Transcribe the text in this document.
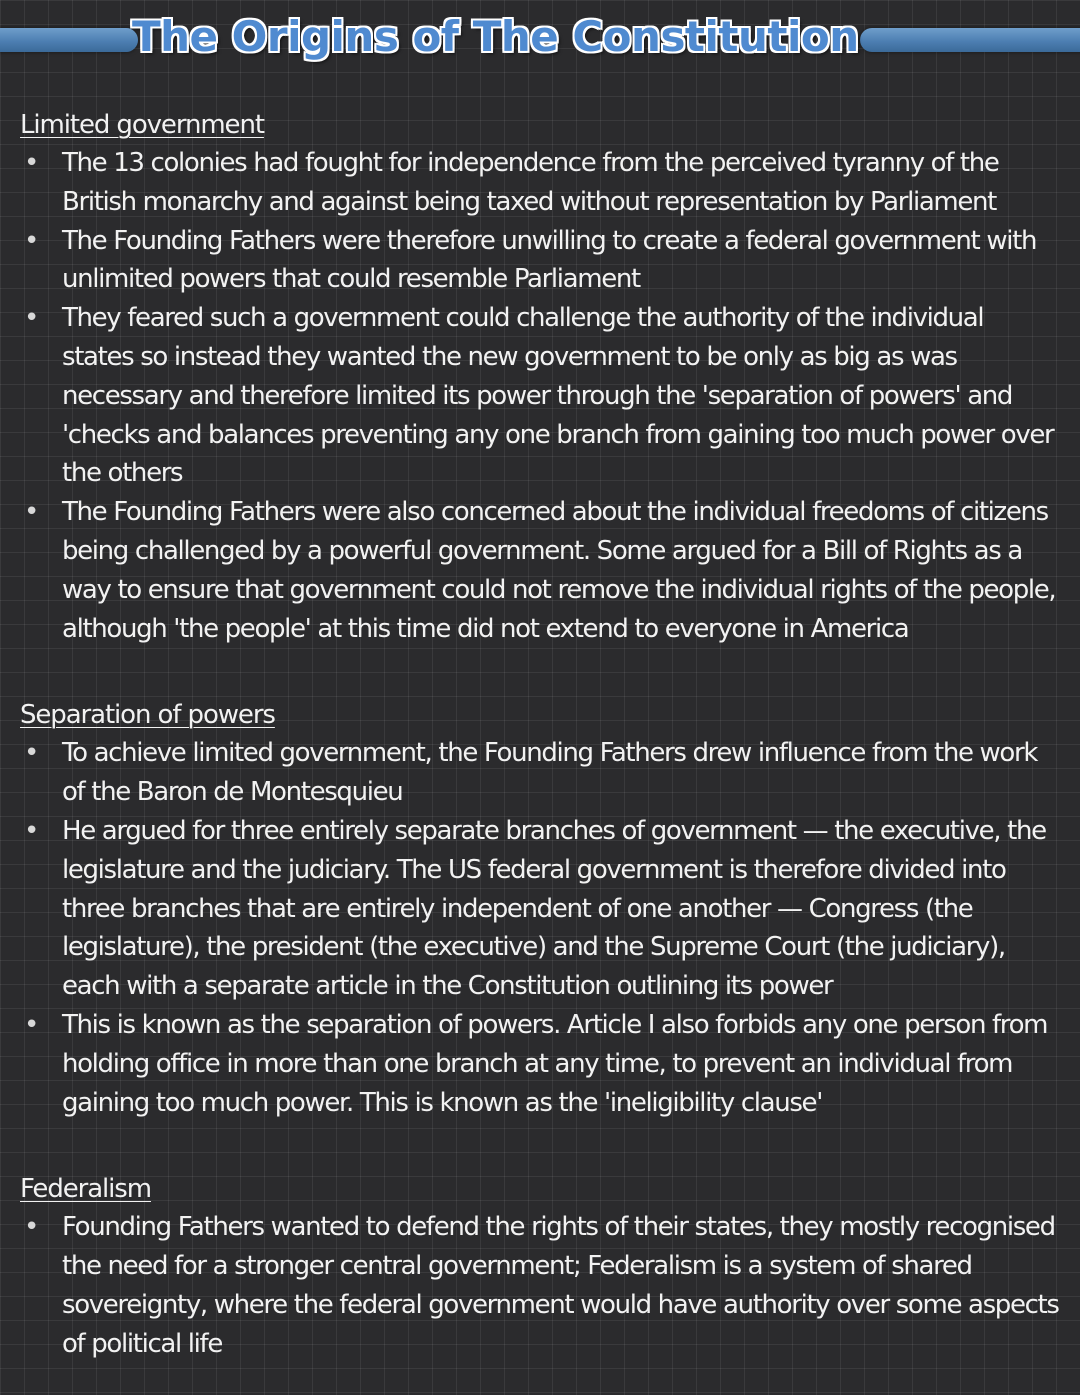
The Origins of The Constitution
Limited government
• The 13 colonies had fought for independence from the perceived tyranny of the British monarchy and against being taxed without representation by Parliament
• The Founding Fathers were therefore unwilling to create a federal government with unlimited powers that could resemble Parliament
• They feared such a government could challenge the authority of the individual states so instead they wanted the new government to be only as big as was necessary and therefore limited its power through the 'separation of powers' and 'checks and balances preventing any one branch from gaining too much power over the others
• The Founding Fathers were also concerned about the individual freedoms of citizens being challenged by a powerful government. Some argued for a Bill of Rights as a way to ensure that government could not remove the individual rights of the people, although 'the people' at this time did not extend to everyone in America
Separation of powers
• To achieve limited government, the Founding Fathers drew influence from the work of the Baron de Montesquieu
• He argued for three entirely separate branches of government — the executive, the legislature and the judiciary. The US federal government is therefore divided into three branches that are entirely independent of one another — Congress (the legislature), the president (the executive) and the Supreme Court (the judiciary), each with a separate article in the Constitution outlining its power
• This is known as the separation of powers. Article I also forbids any one person from holding office in more than one branch at any time, to prevent an individual from gaining too much power. This is known as the 'ineligibility clause'
Federalism
• Founding Fathers wanted to defend the rights of their states, they mostly recognised the need for a stronger central government; Federalism is a system of shared sovereignty, where the federal government would have authority over some aspects of political life
